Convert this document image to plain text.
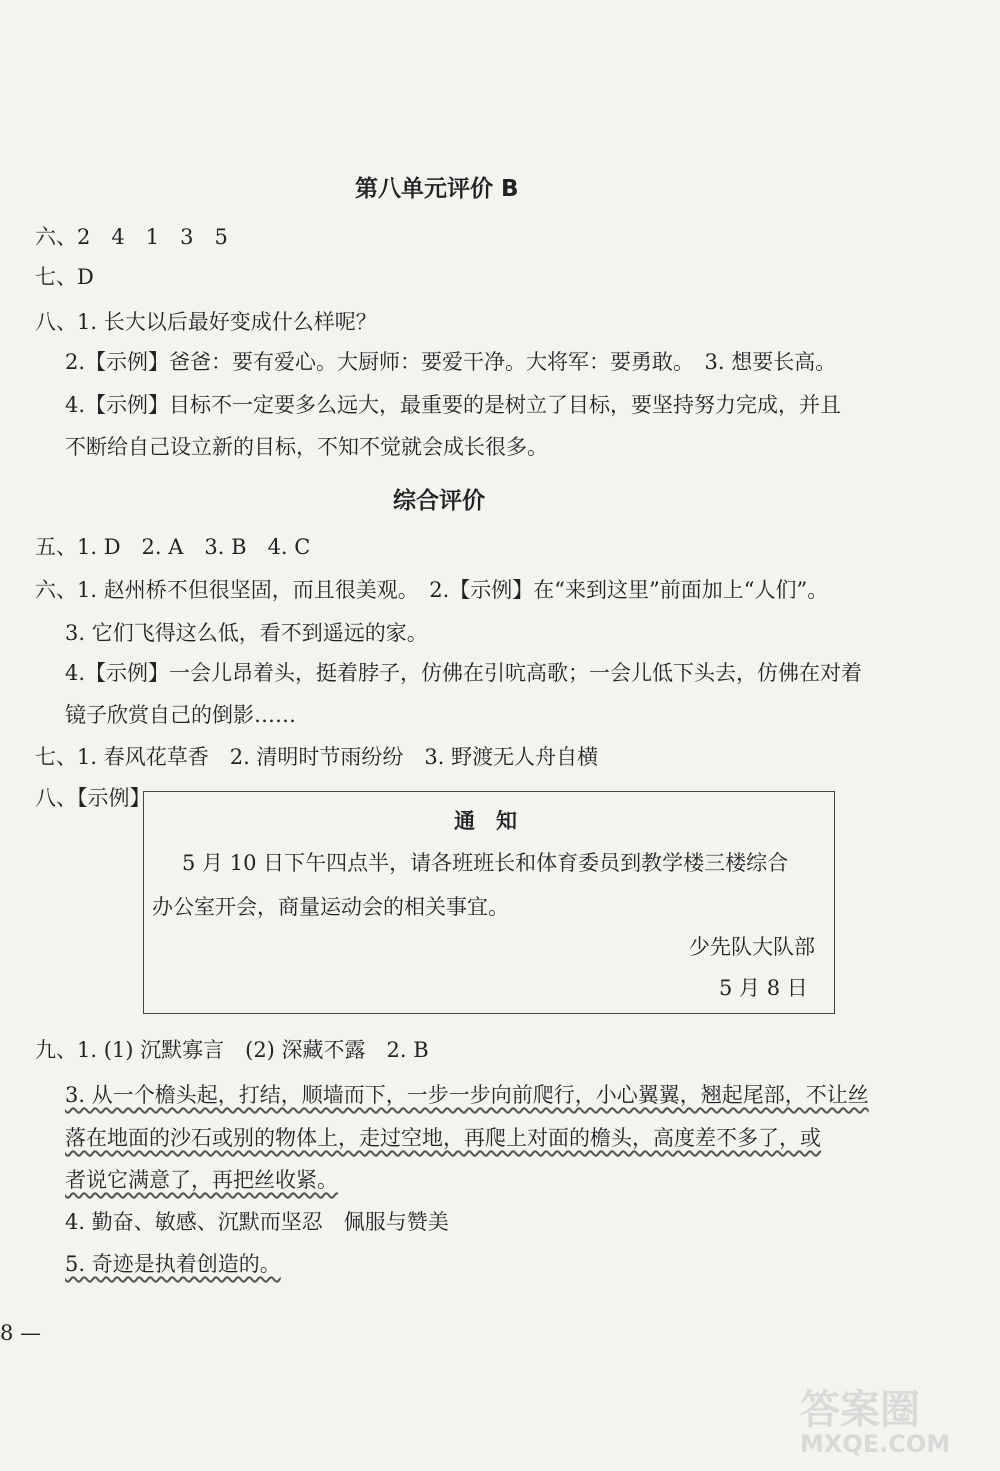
第八单元评价 B
六、2　4　1　3　5
七、D
八、1. 长大以后最好变成什么样呢？
2.【示例】爸爸：要有爱心。大厨师：要爱干净。大将军：要勇敢。　3. 想要长高。
4.【示例】目标不一定要多么远大，最重要的是树立了目标，要坚持努力完成，并且
不断给自己设立新的目标，不知不觉就会成长很多。
综合评价
五、1. D　2. A　3. B　4. C
六、1. 赵州桥不但很坚固，而且很美观。　2.【示例】在“来到这里”前面加上“人们”。
3. 它们飞得这么低，看不到遥远的家。
4.【示例】一会儿昂着头，挺着脖子，仿佛在引吭高歌；一会儿低下头去，仿佛在对着
镜子欣赏自己的倒影……
七、1. 春风花草香　2. 清明时节雨纷纷　3. 野渡无人舟自横
八、【示例】
通　知
5 月 10 日下午四点半，请各班班长和体育委员到教学楼三楼综合
办公室开会，商量运动会的相关事宜。
少先队大队部
5 月 8 日
九、1. (1) 沉默寡言　(2) 深藏不露　2. B
3. 从一个檐头起，打结，顺墙而下，一步一步向前爬行，小心翼翼，翘起尾部，不让丝
落在地面的沙石或别的物体上，走过空地，再爬上对面的檐头，高度差不多了，或
者说它满意了，再把丝收紧。
4. 勤奋、敏感、沉默而坚忍　佩服与赞美
5. 奇迹是执着创造的。
8 —
答案圈
MXQE.COM
